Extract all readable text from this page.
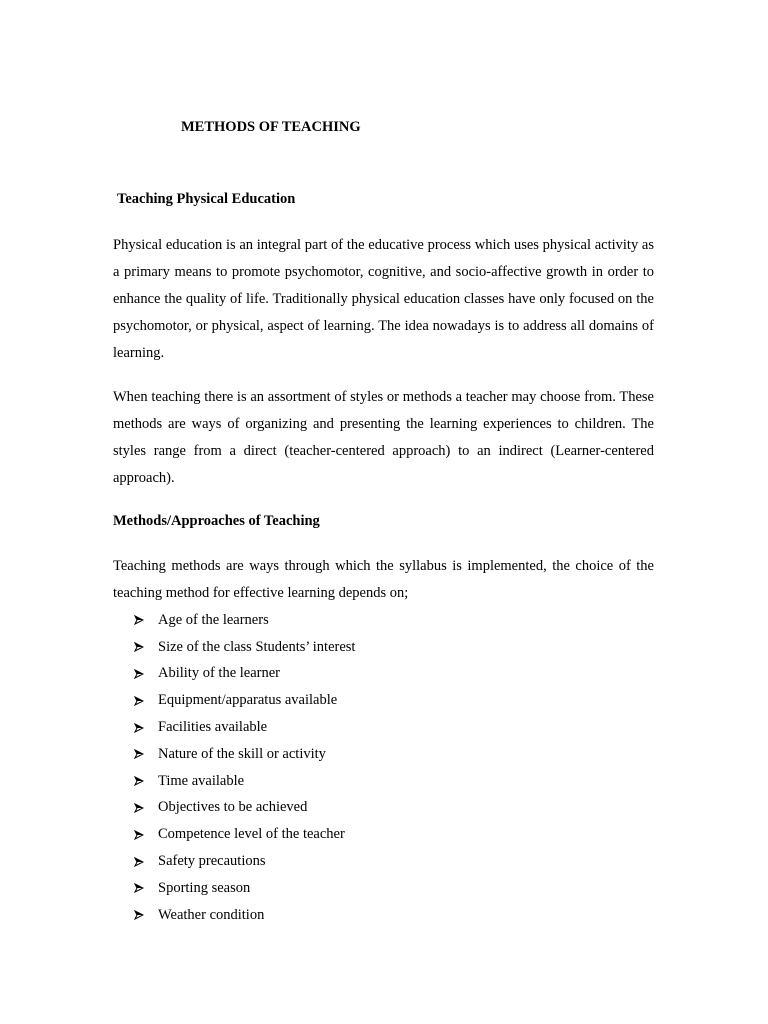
METHODS OF TEACHING
Teaching Physical Education

Physical education is an integral part of the educative process which uses physical activity as a primary means to promote psychomotor, cognitive, and socio-affective growth in order to enhance the quality of life. Traditionally physical education classes have only focused on the psychomotor, or physical, aspect of learning. The idea nowadays is to address all domains of learning.

When teaching there is an assortment of styles or methods a teacher may choose from. These methods are ways of organizing and presenting the learning experiences to children. The styles range from a direct (teacher-centered approach) to an indirect (Learner-centered approach).

Methods/Approaches of Teaching

Teaching methods are ways through which the syllabus is implemented, the choice of the teaching method for effective learning depends on;

Age of the learners
Size of the class Students’ interest
Ability of the learner
Equipment/apparatus available
Facilities available
Nature of the skill or activity
Time available
Objectives to be achieved
Competence level of the teacher
Safety precautions
Sporting season
Weather condition
